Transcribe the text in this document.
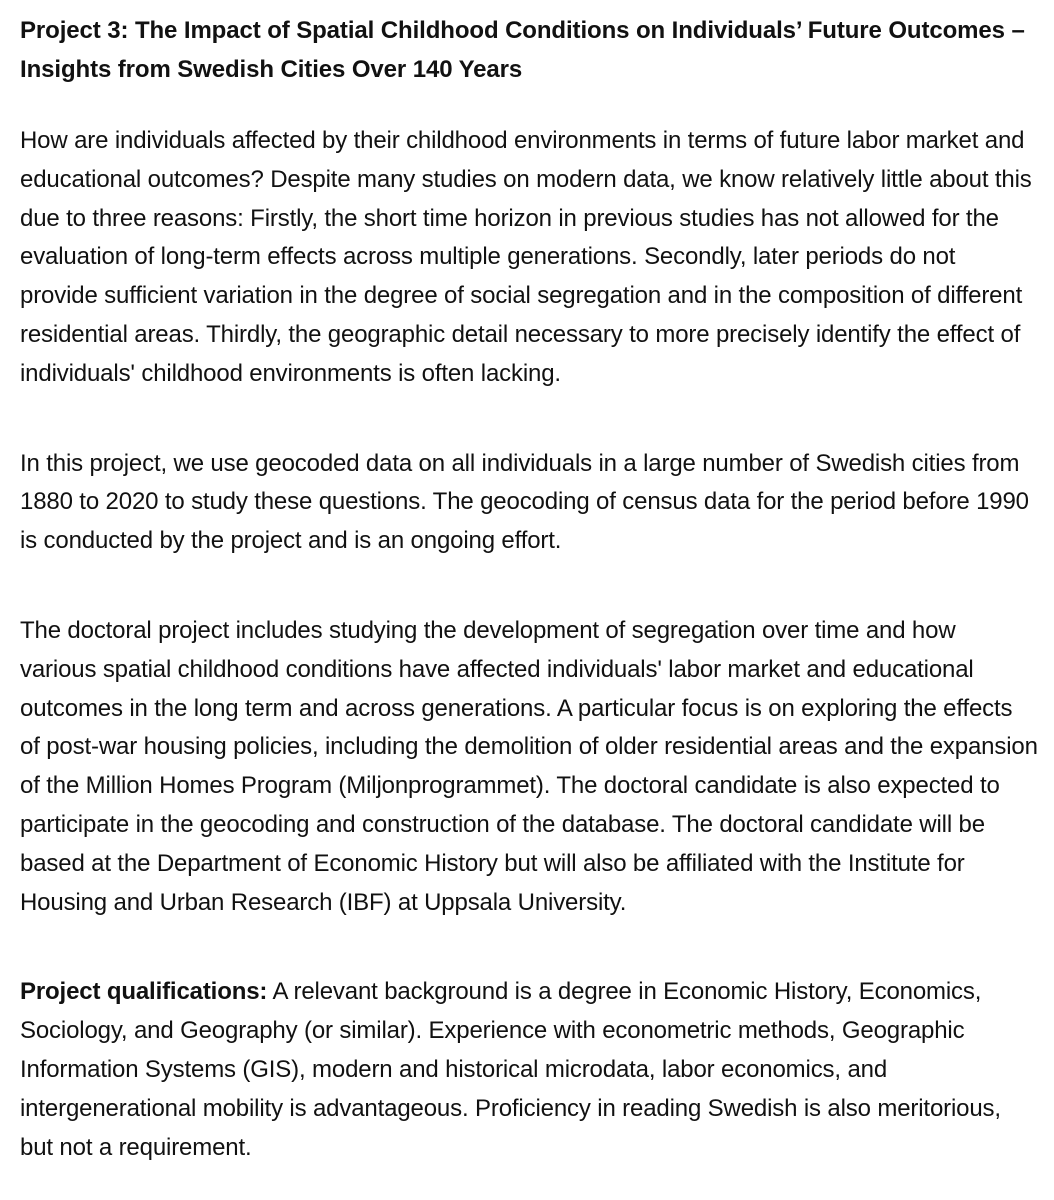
Project 3: The Impact of Spatial Childhood Conditions on Individuals’ Future Outcomes – Insights from Swedish Cities Over 140 Years

How are individuals affected by their childhood environments in terms of future labor market and educational outcomes? Despite many studies on modern data, we know relatively little about this due to three reasons: Firstly, the short time horizon in previous studies has not allowed for the evaluation of long-term effects across multiple generations. Secondly, later periods do not provide sufficient variation in the degree of social segregation and in the composition of different residential areas. Thirdly, the geographic detail necessary to more precisely identify the effect of individuals' childhood environments is often lacking.

In this project, we use geocoded data on all individuals in a large number of Swedish cities from 1880 to 2020 to study these questions. The geocoding of census data for the period before 1990 is conducted by the project and is an ongoing effort.

The doctoral project includes studying the development of segregation over time and how various spatial childhood conditions have affected individuals' labor market and educational outcomes in the long term and across generations. A particular focus is on exploring the effects of post-war housing policies, including the demolition of older residential areas and the expansion of the Million Homes Program (Miljonprogrammet). The doctoral candidate is also expected to participate in the geocoding and construction of the database. The doctoral candidate will be based at the Department of Economic History but will also be affiliated with the Institute for Housing and Urban Research (IBF) at Uppsala University.

Project qualifications: A relevant background is a degree in Economic History, Economics, Sociology, and Geography (or similar). Experience with econometric methods, Geographic Information Systems (GIS), modern and historical microdata, labor economics, and intergenerational mobility is advantageous. Proficiency in reading Swedish is also meritorious, but not a requirement.
